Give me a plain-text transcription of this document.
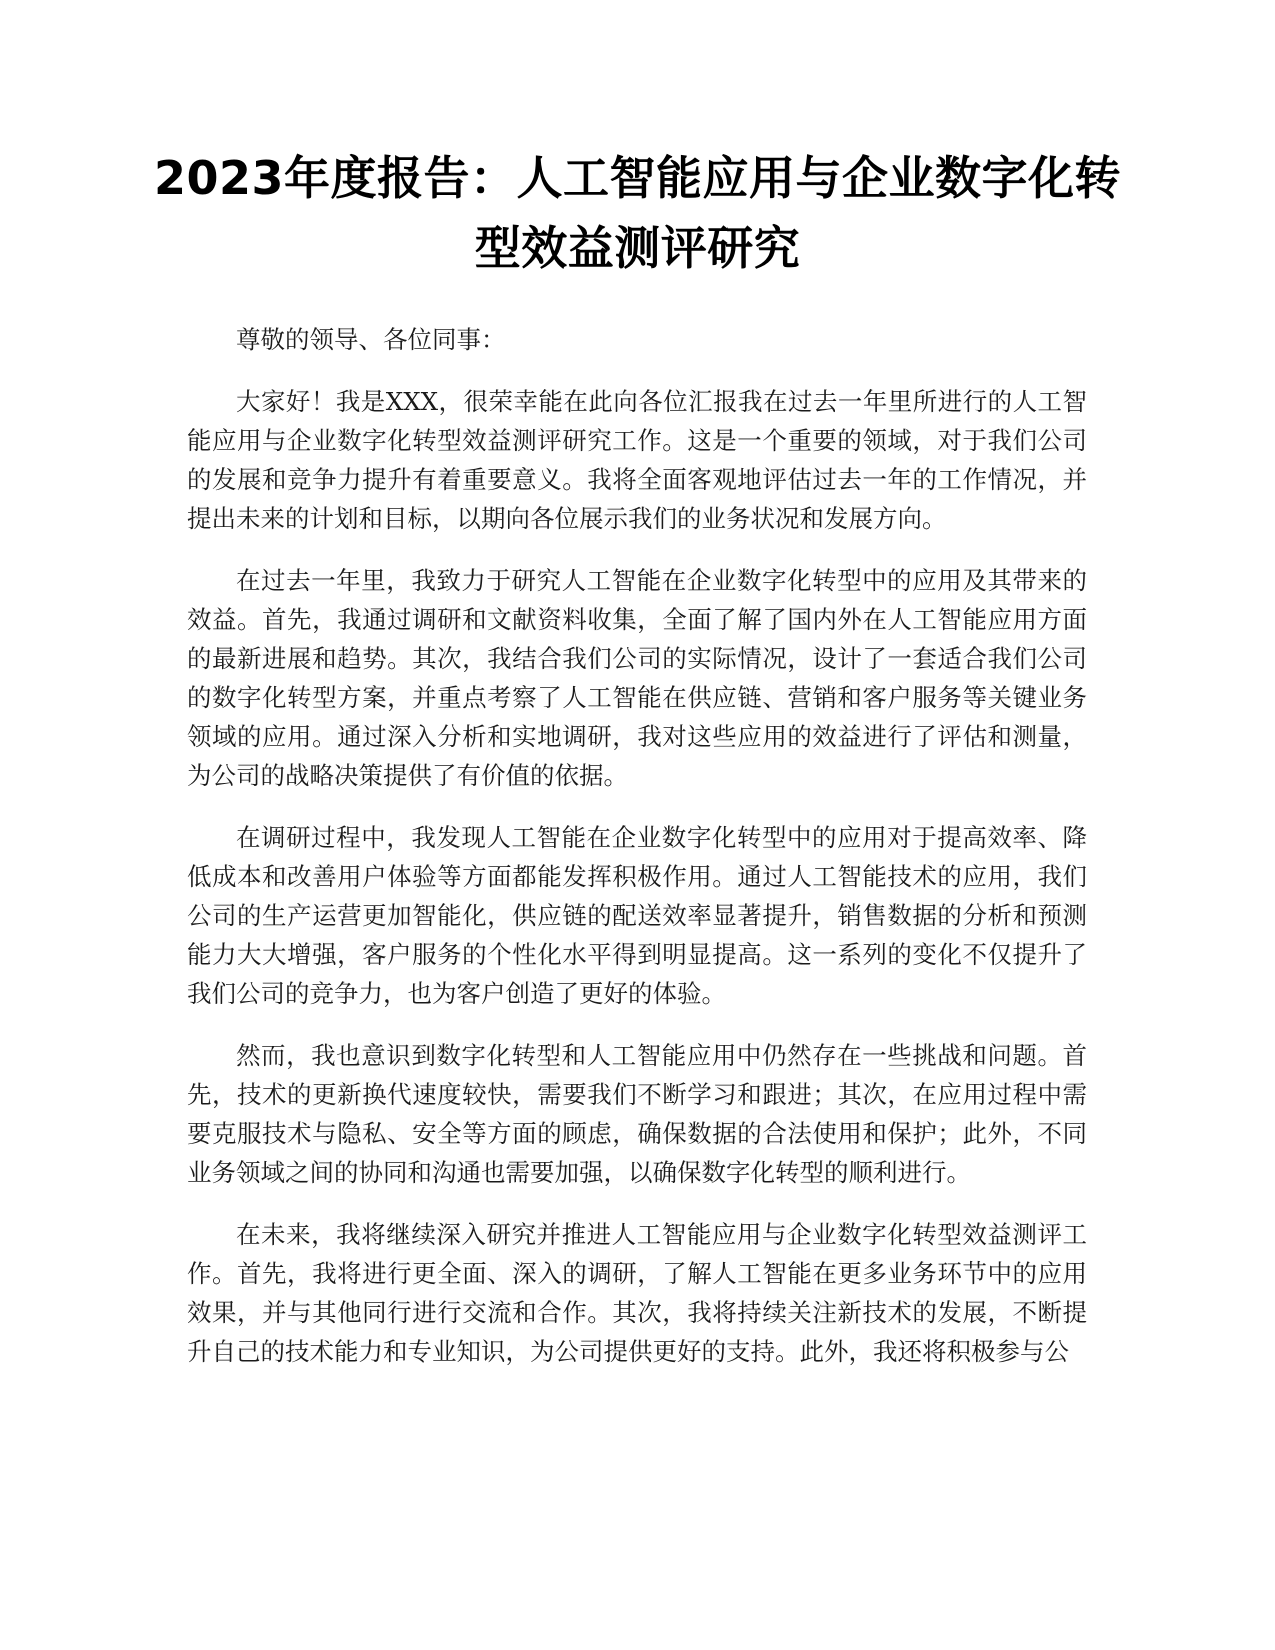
2023年度报告：人工智能应用与企业数字化转型效益测评研究

尊敬的领导、各位同事：

大家好！我是XXX，很荣幸能在此向各位汇报我在过去一年里所进行的人工智能应用与企业数字化转型效益测评研究工作。这是一个重要的领域，对于我们公司的发展和竞争力提升有着重要意义。我将全面客观地评估过去一年的工作情况，并提出未来的计划和目标，以期向各位展示我们的业务状况和发展方向。

在过去一年里，我致力于研究人工智能在企业数字化转型中的应用及其带来的效益。首先，我通过调研和文献资料收集，全面了解了国内外在人工智能应用方面的最新进展和趋势。其次，我结合我们公司的实际情况，设计了一套适合我们公司的数字化转型方案，并重点考察了人工智能在供应链、营销和客户服务等关键业务领域的应用。通过深入分析和实地调研，我对这些应用的效益进行了评估和测量，为公司的战略决策提供了有价值的依据。

在调研过程中，我发现人工智能在企业数字化转型中的应用对于提高效率、降低成本和改善用户体验等方面都能发挥积极作用。通过人工智能技术的应用，我们公司的生产运营更加智能化，供应链的配送效率显著提升，销售数据的分析和预测能力大大增强，客户服务的个性化水平得到明显提高。这一系列的变化不仅提升了我们公司的竞争力，也为客户创造了更好的体验。

然而，我也意识到数字化转型和人工智能应用中仍然存在一些挑战和问题。首先，技术的更新换代速度较快，需要我们不断学习和跟进；其次，在应用过程中需要克服技术与隐私、安全等方面的顾虑，确保数据的合法使用和保护；此外，不同业务领域之间的协同和沟通也需要加强，以确保数字化转型的顺利进行。

在未来，我将继续深入研究并推进人工智能应用与企业数字化转型效益测评工作。首先，我将进行更全面、深入的调研，了解人工智能在更多业务环节中的应用效果，并与其他同行进行交流和合作。其次，我将持续关注新技术的发展，不断提升自己的技术能力和专业知识，为公司提供更好的支持。此外，我还将积极参与公
